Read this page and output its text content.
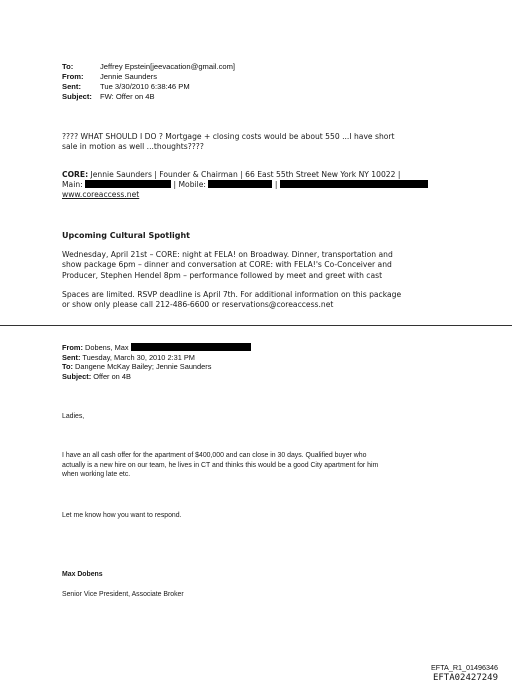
To:	Jeffrey Epstein[jeevacation@gmail.com]
From:	Jennie Saunders
Sent:	Tue 3/30/2010 6:38:46 PM
Subject:	FW: Offer on 4B
???? WHAT SHOULD I DO ? Mortgage + closing costs would be about 550 ...I have short
sale in motion as well ...thoughts????
CORE: Jennie Saunders | Founder & Chairman | 66 East 55th Street New York NY 10022 |
Main:	| Mobile:	|
www.coreaccess.net
Upcoming Cultural Spotlight
Wednesday, April 21st – CORE: night at FELA! on Broadway. Dinner, transportation and
show package 6pm – dinner and conversation at CORE: with FELA!'s Co-Conceiver and
Producer, Stephen Hendel 8pm – performance followed by meet and greet with cast
Spaces are limited. RSVP deadline is April 7th. For additional information on this package
or show only please call 212-486-6600 or reservations@coreaccess.net
From: Dobens, Max
Sent: Tuesday, March 30, 2010 2:31 PM
To: Dangene McKay Bailey; Jennie Saunders
Subject: Offer on 4B
Ladies,
I have an all cash offer for the apartment of $400,000 and can close in 30 days. Qualified buyer who
actually is a new hire on our team, he lives in CT and thinks this would be a good City apartment for him
when working late etc.
Let me know how you want to respond.
Max Dobens
Senior Vice President, Associate Broker
EFTA_R1_01496346
EFTA02427249
